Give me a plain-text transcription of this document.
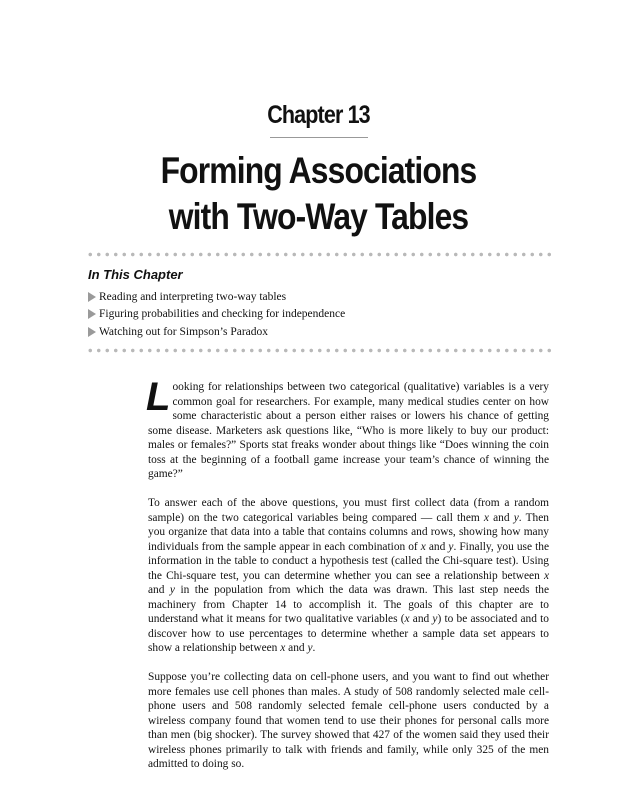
Chapter 13
Forming Associations
with Two-Way Tables
In This Chapter
Reading and interpreting two-way tables
Figuring probabilities and checking for independence
Watching out for Simpson’s Paradox

Looking for relationships between two categorical (qualitative) variables is a very common goal for researchers. For example, many medical studies center on how some characteristic about a person either raises or lowers his chance of getting some disease. Marketers ask questions like, “Who is more likely to buy our product: males or females?” Sports stat freaks wonder about things like “Does winning the coin toss at the beginning of a football game increase your team’s chance of winning the game?”

To answer each of the above questions, you must first collect data (from a random sample) on the two categorical variables being compared — call them x and y. Then you organize that data into a table that contains columns and rows, showing how many individuals from the sample appear in each combination of x and y. Finally, you use the information in the table to conduct a hypothesis test (called the Chi-square test). Using the Chi-square test, you can determine whether you can see a relationship between x and y in the population from which the data was drawn. This last step needs the machinery from Chapter 14 to accomplish it. The goals of this chapter are to understand what it means for two qualitative variables (x and y) to be associated and to discover how to use percentages to determine whether a sample data set appears to show a relationship between x and y.

Suppose you’re collecting data on cell-phone users, and you want to find out whether more females use cell phones than males. A study of 508 randomly selected male cell-phone users and 508 randomly selected female cell-phone users conducted by a wireless company found that women tend to use their phones for personal calls more than men (big shocker). The survey showed that 427 of the women said they used their wireless phones primarily to talk with friends and family, while only 325 of the men admitted to doing so.
